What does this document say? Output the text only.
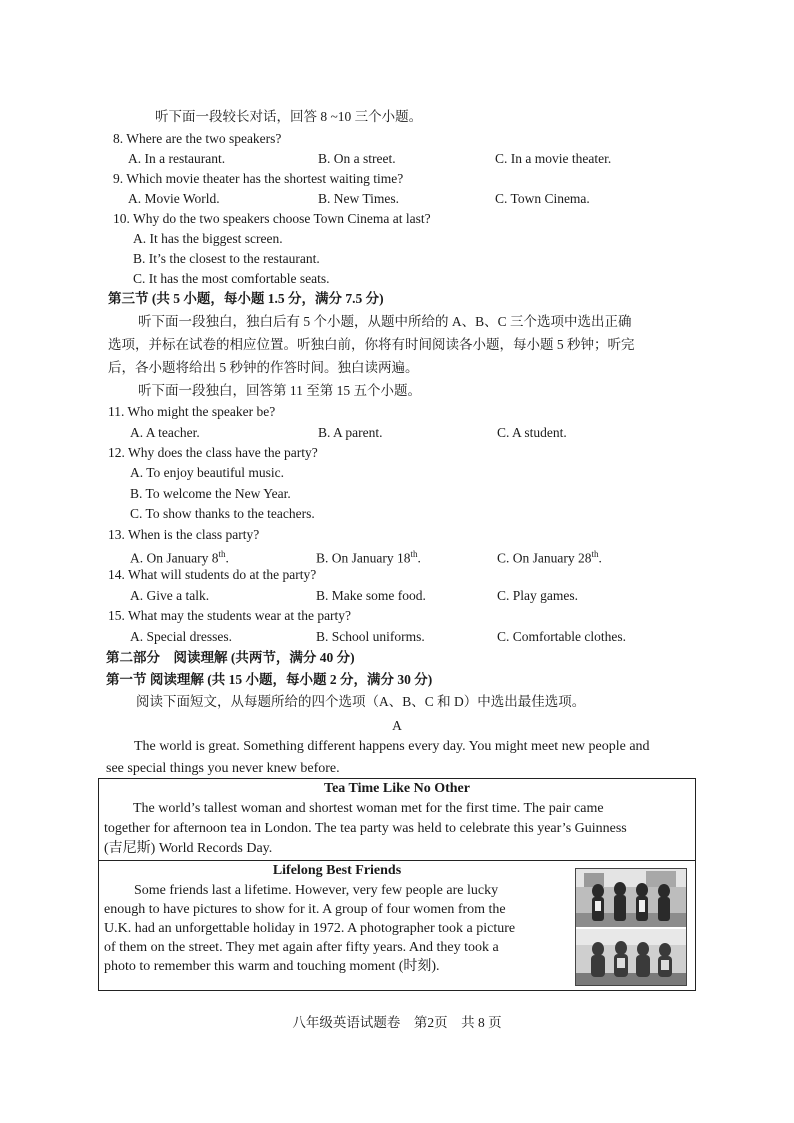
听下面一段较长对话，回答 8 ~10 三个小题。
8. Where are the two speakers?
A. In a restaurant.	B. On a street.	C. In a movie theater.
9. Which movie theater has the shortest waiting time?
A. Movie World.	B. New Times.	C. Town Cinema.
10. Why do the two speakers choose Town Cinema at last?
A. It has the biggest screen.
B. It’s the closest to the restaurant.
C. It has the most comfortable seats.
第三节 (共 5 小题，每小题 1.5 分，满分 7.5 分)
听下面一段独白，独白后有 5 个小题，从题中所给的 A、B、C 三个选项中选出正确
选项，并标在试卷的相应位置。听独白前，你将有时间阅读各小题，每小题 5 秒钟；听完
后，各小题将给出 5 秒钟的作答时间。独白读两遍。
听下面一段独白，回答第 11 至第 15 五个小题。
11. Who might the speaker be?
A. A teacher.	B. A parent.	C. A student.
12. Why does the class have the party?
A. To enjoy beautiful music.
B. To welcome the New Year.
C. To show thanks to the teachers.
13. When is the class party?
A. On January 8th.	B. On January 18th.	C. On January 28th.
14. What will students do at the party?
A. Give a talk.	B. Make some food.	C. Play games.
15. What may the students wear at the party?
A. Special dresses.	B. School uniforms.	C. Comfortable clothes.
第二部分　阅读理解 (共两节，满分 40 分)
第一节 阅读理解 (共 15 小题，每小题 2 分，满分 30 分)
阅读下面短文，从每题所给的四个选项（A、B、C 和 D）中选出最佳选项。
A
The world is great. Something different happens every day. You might meet new people and
see special things you never knew before.
Tea Time Like No Other
The world’s tallest woman and shortest woman met for the first time. The pair came
together for afternoon tea in London. The tea party was held to celebrate this year’s Guinness
(吉尼斯) World Records Day.
Lifelong Best Friends
Some friends last a lifetime. However, very few people are lucky
enough to have pictures to show for it. A group of four women from the
U.K. had an unforgettable holiday in 1972. A photographer took a picture
of them on the street. They met again after fifty years. And they took a
photo to remember this warm and touching moment (时刻).
八年级英语试题卷　第2页　共 8 页
